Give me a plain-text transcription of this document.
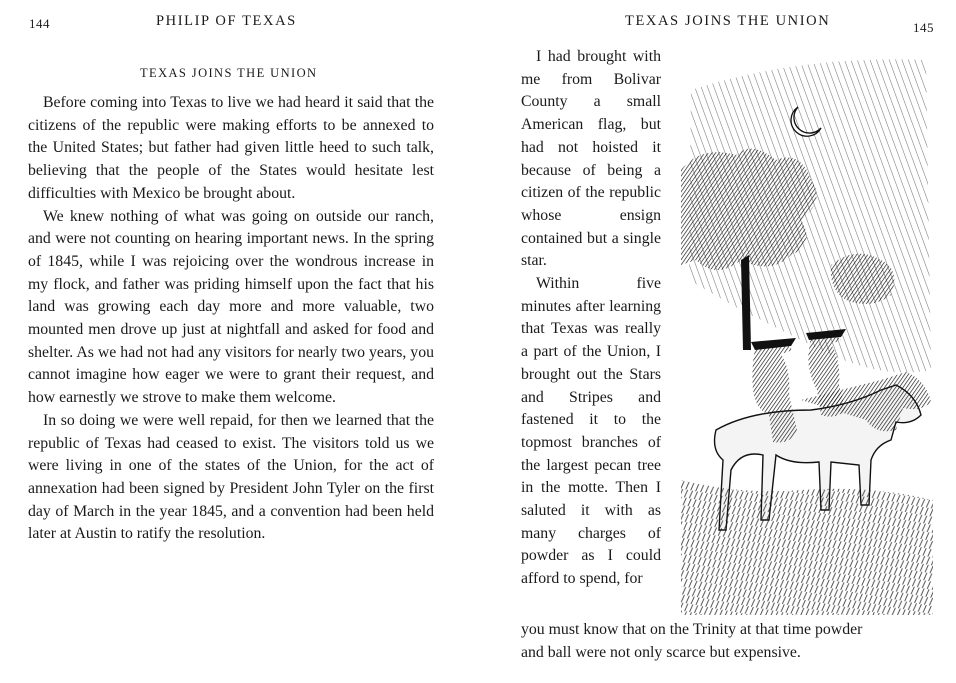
144	PHILIP OF TEXAS
TEXAS JOINS THE UNION

Before coming into Texas to live we had heard it said that the citizens of the republic were making efforts to be annexed to the United States; but father had given little heed to such talk, believing that the people of the States would hesitate lest difficulties with Mexico be brought about.

We knew nothing of what was going on outside our ranch, and were not counting on hearing important news. In the spring of 1845, while I was rejoicing over the wondrous increase in my flock, and father was priding himself upon the fact that his land was growing each day more and more valuable, two mounted men drove up just at nightfall and asked for food and shelter. As we had not had any visitors for nearly two years, you cannot imagine how eager we were to grant their request, and how earnestly we strove to make them welcome.

In so doing we were well repaid, for then we learned that the republic of Texas had ceased to exist. The visitors told us we were living in one of the states of the Union, for the act of annexation had been signed by President John Tyler on the first day of March in the year 1845, and a convention had been held later at Austin to ratify the resolution.

TEXAS JOINS THE UNION	145

I had brought with me from Bolivar County a small American flag, but had not hoisted it because of being a citizen of the republic whose ensign contained but a single star.

Within five minutes after learning that Texas was really a part of the Union, I brought out the Stars and Stripes and fastened it to the topmost branches of the largest pecan tree in the motte. Then I saluted it with as many charges of powder as I could afford to spend, for

you must know that on the Trinity at that time powder

and ball were not only scarce but expensive.
